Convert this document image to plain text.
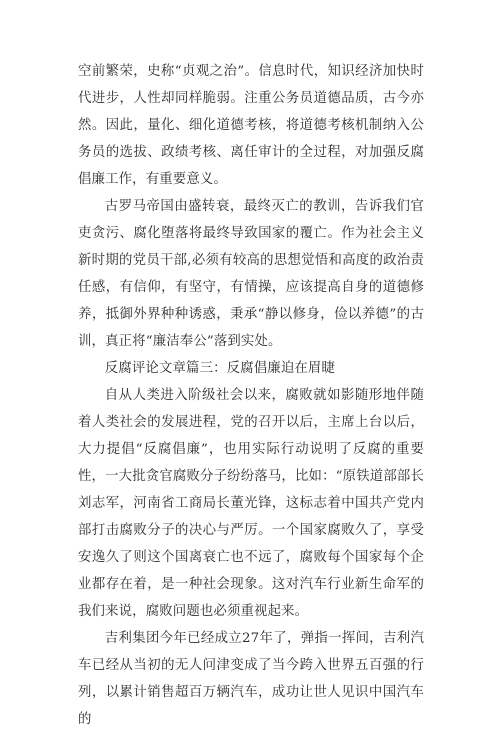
空前繁荣，史称“贞观之治”。信息时代，知识经济加快时代进步，人性却同样脆弱。注重公务员道德品质，古今亦然。因此，量化、细化道德考核，将道德考核机制纳入公务员的选拔、政绩考核、离任审计的全过程，对加强反腐倡廉工作，有重要意义。

古罗马帝国由盛转衰，最终灭亡的教训，告诉我们官吏贪污、腐化堕落将最终导致国家的覆亡。作为社会主义新时期的党员干部,必须有较高的思想觉悟和高度的政治责任感，有信仰，有坚守，有情操，应该提高自身的道德修养，抵御外界种种诱惑，秉承“静以修身，俭以养德”的古训，真正将“廉洁奉公”落到实处。

反腐评论文章篇三：反腐倡廉迫在眉睫

自从人类进入阶级社会以来，腐败就如影随形地伴随着人类社会的发展进程，党的召开以后，主席上台以后，大力提倡“反腐倡廉”，也用实际行动说明了反腐的重要性，一大批贪官腐败分子纷纷落马，比如：“原铁道部部长刘志军，河南省工商局长董光锋，这标志着中国共产党内部打击腐败分子的决心与严厉。一个国家腐败久了，享受安逸久了则这个国离衰亡也不远了，腐败每个国家每个企业都存在着，是一种社会现象。这对汽车行业新生命军的我们来说，腐败问题也必须重视起来。

吉利集团今年已经成立27年了，弹指一挥间，吉利汽车已经从当初的无人问津变成了当今跨入世界五百强的行列，以累计销售超百万辆汽车，成功让世人见识中国汽车的
